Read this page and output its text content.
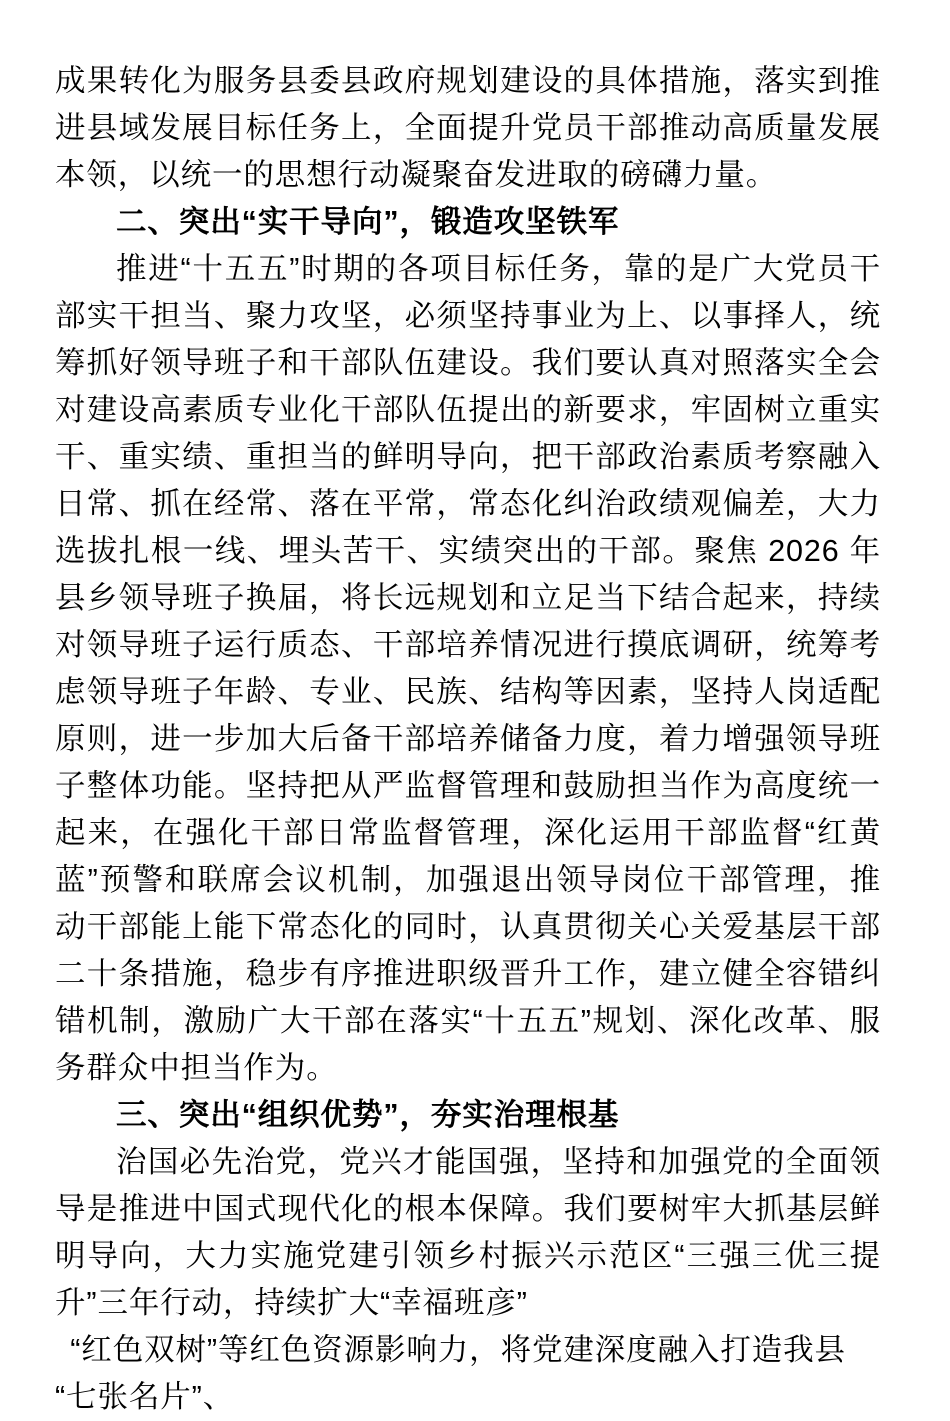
成果转化为服务县委县政府规划建设的具体措施，落实到推进县域发展目标任务上，全面提升党员干部推动高质量发展本领，以统一的思想行动凝聚奋发进取的磅礴力量。

二、突出“实干导向”，锻造攻坚铁军

推进“十五五”时期的各项目标任务，靠的是广大党员干部实干担当、聚力攻坚，必须坚持事业为上、以事择人，统筹抓好领导班子和干部队伍建设。我们要认真对照落实全会对建设高素质专业化干部队伍提出的新要求，牢固树立重实干、重实绩、重担当的鲜明导向，把干部政治素质考察融入日常、抓在经常、落在平常，常态化纠治政绩观偏差，大力选拔扎根一线、埋头苦干、实绩突出的干部。聚焦 2026 年县乡领导班子换届，将长远规划和立足当下结合起来，持续对领导班子运行质态、干部培养情况进行摸底调研，统筹考虑领导班子年龄、专业、民族、结构等因素，坚持人岗适配原则，进一步加大后备干部培养储备力度，着力增强领导班子整体功能。坚持把从严监督管理和鼓励担当作为高度统一起来，在强化干部日常监督管理，深化运用干部监督“红黄蓝”预警和联席会议机制，加强退出领导岗位干部管理，推动干部能上能下常态化的同时，认真贯彻关心关爱基层干部二十条措施，稳步有序推进职级晋升工作，建立健全容错纠错机制，激励广大干部在落实“十五五”规划、深化改革、服务群众中担当作为。

三、突出“组织优势”，夯实治理根基

治国必先治党，党兴才能国强，坚持和加强党的全面领导是推进中国式现代化的根本保障。我们要树牢大抓基层鲜明导向，大力实施党建引领乡村振兴示范区“三强三优三提升”三年行动，持续扩大“幸福班彦”

“红色双树”等红色资源影响力，将党建深度融入打造我县“七张名片”、
